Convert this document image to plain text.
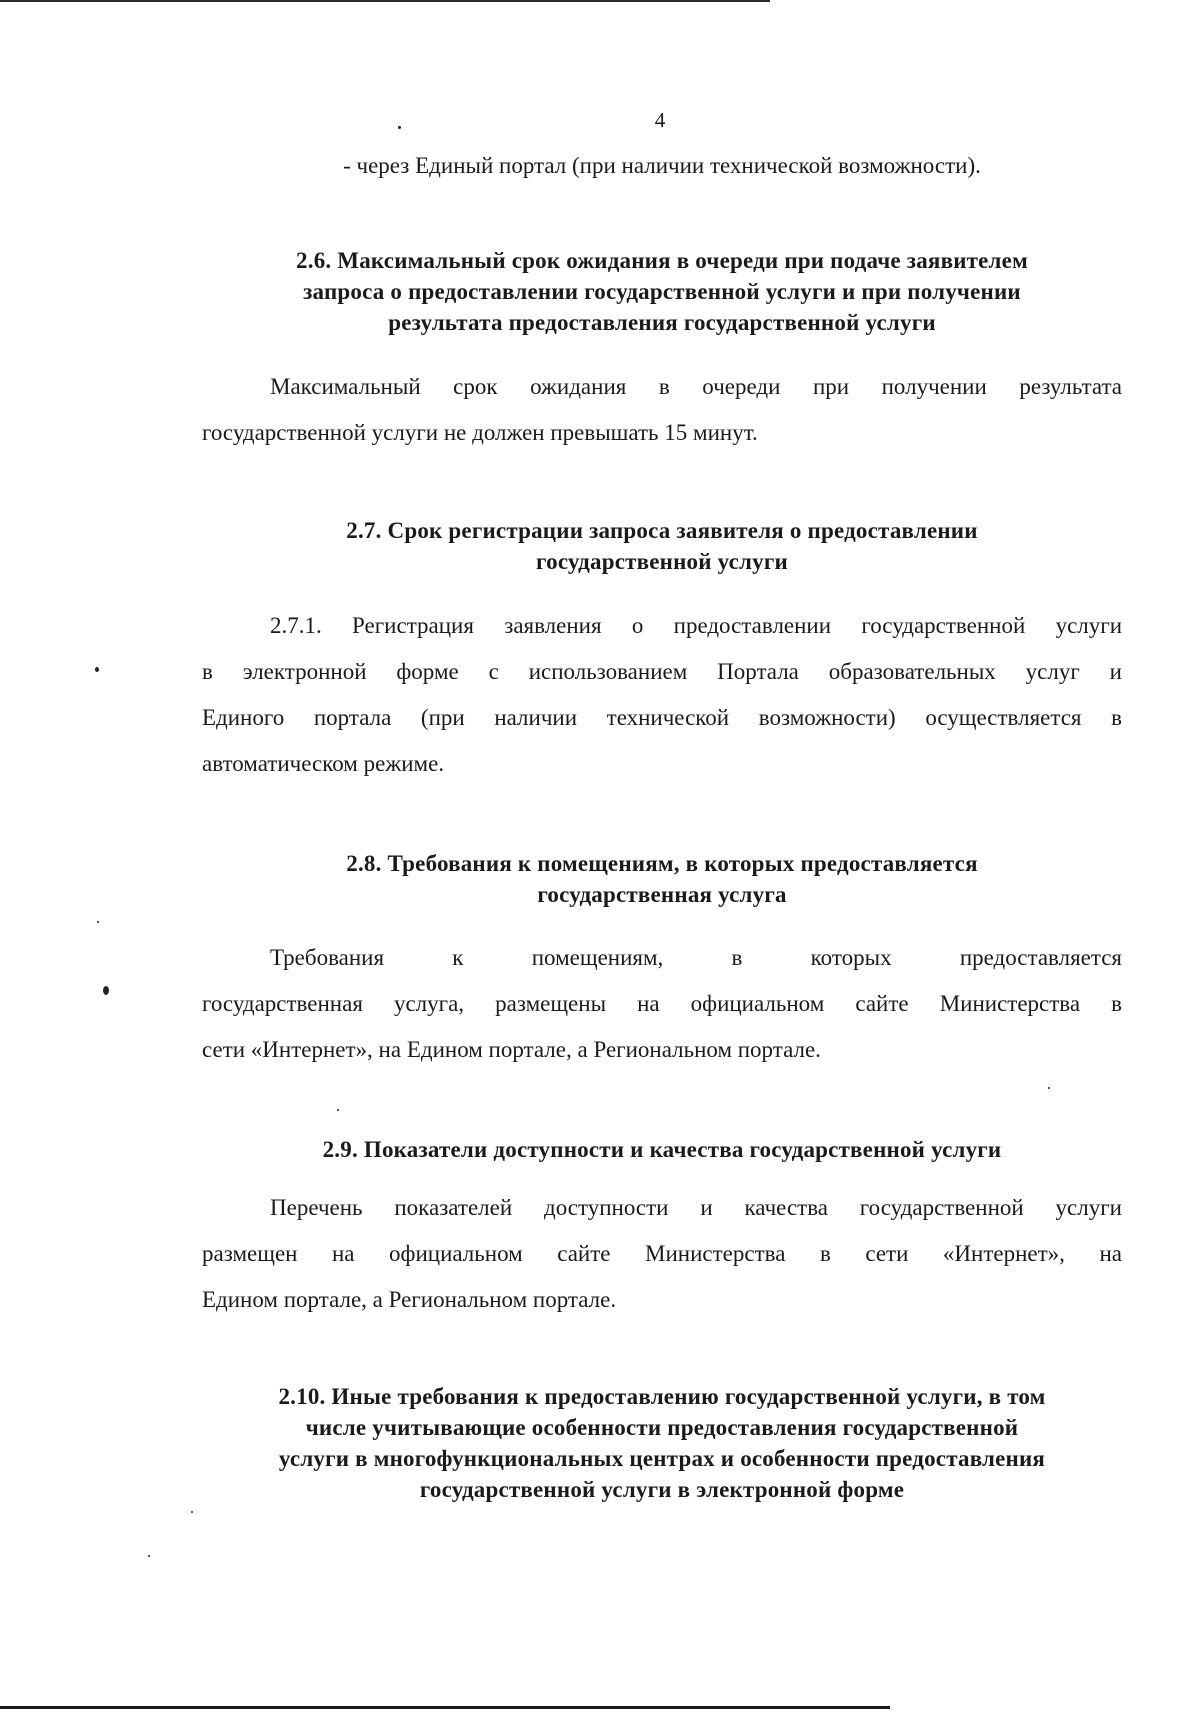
4
- через Единый портал (при наличии технической возможности).
2.6. Максимальный срок ожидания в очереди при подаче заявителем
запроса о предоставлении государственной услуги и при получении
результата предоставления государственной услуги
Максимальный срок ожидания в очереди при получении результата
государственной услуги не должен превышать 15 минут.
2.7. Срок регистрации запроса заявителя о предоставлении
государственной услуги
2.7.1. Регистрация заявления о предоставлении государственной услуги
в электронной форме с использованием Портала образовательных услуг и
Единого портала (при наличии технической возможности) осуществляется в
автоматическом режиме.
2.8. Требования к помещениям, в которых предоставляется
государственная услуга
Требования к помещениям, в которых предоставляется
государственная услуга, размещены на официальном сайте Министерства в
сети «Интернет», на Едином портале, а Региональном портале.
2.9. Показатели доступности и качества государственной услуги
Перечень показателей доступности и качества государственной услуги
размещен на официальном сайте Министерства в сети «Интернет», на
Едином портале, а Региональном портале.
2.10. Иные требования к предоставлению государственной услуги, в том
числе учитывающие особенности предоставления государственной
услуги в многофункциональных центрах и особенности предоставления
государственной услуги в электронной форме
